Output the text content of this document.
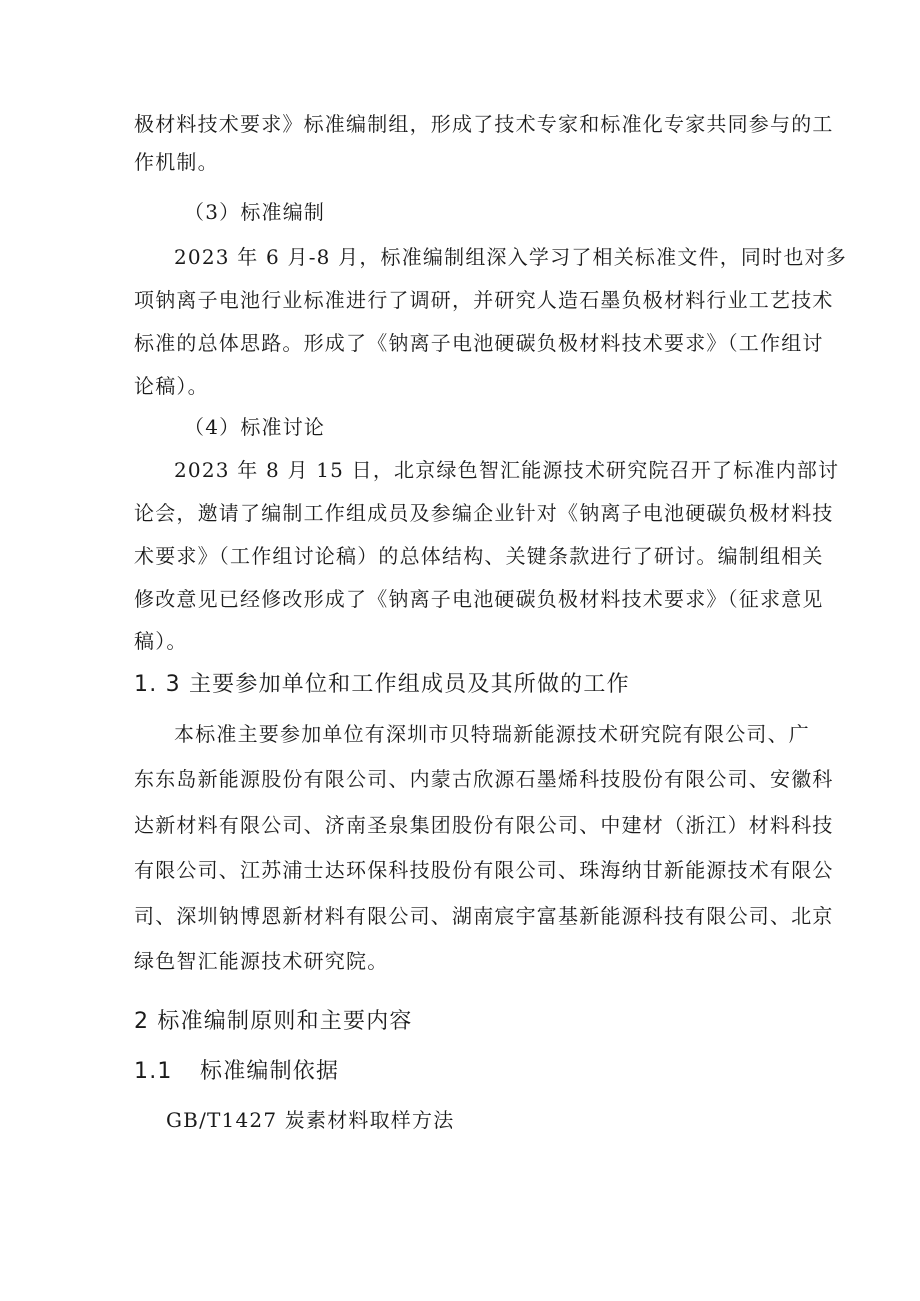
极材料技术要求》标准编制组，形成了技术专家和标准化专家共同参与的工
作机制。
（3）标准编制
2023 年 6 月-8 月，标准编制组深入学习了相关标准文件，同时也对多
项钠离子电池行业标准进行了调研，并研究人造石墨负极材料行业工艺技术
标准的总体思路。形成了《钠离子电池硬碳负极材料技术要求》（工作组讨
论稿）。
（4）标准讨论
2023 年 8 月 15 日，北京绿色智汇能源技术研究院召开了标准内部讨
论会，邀请了编制工作组成员及参编企业针对《钠离子电池硬碳负极材料技
术要求》（工作组讨论稿）的总体结构、关键条款进行了研讨。编制组相关
修改意见已经修改形成了《钠离子电池硬碳负极材料技术要求》（征求意见
稿）。
1. 3 主要参加单位和工作组成员及其所做的工作
本标准主要参加单位有深圳市贝特瑞新能源技术研究院有限公司、广
东东岛新能源股份有限公司、内蒙古欣源石墨烯科技股份有限公司、安徽科
达新材料有限公司、济南圣泉集团股份有限公司、中建材（浙江）材料科技
有限公司、江苏浦士达环保科技股份有限公司、珠海纳甘新能源技术有限公
司、深圳钠博恩新材料有限公司、湖南宸宇富基新能源科技有限公司、北京
绿色智汇能源技术研究院。
2 标准编制原则和主要内容
1.1 标准编制依据
GB/T1427 炭素材料取样方法
